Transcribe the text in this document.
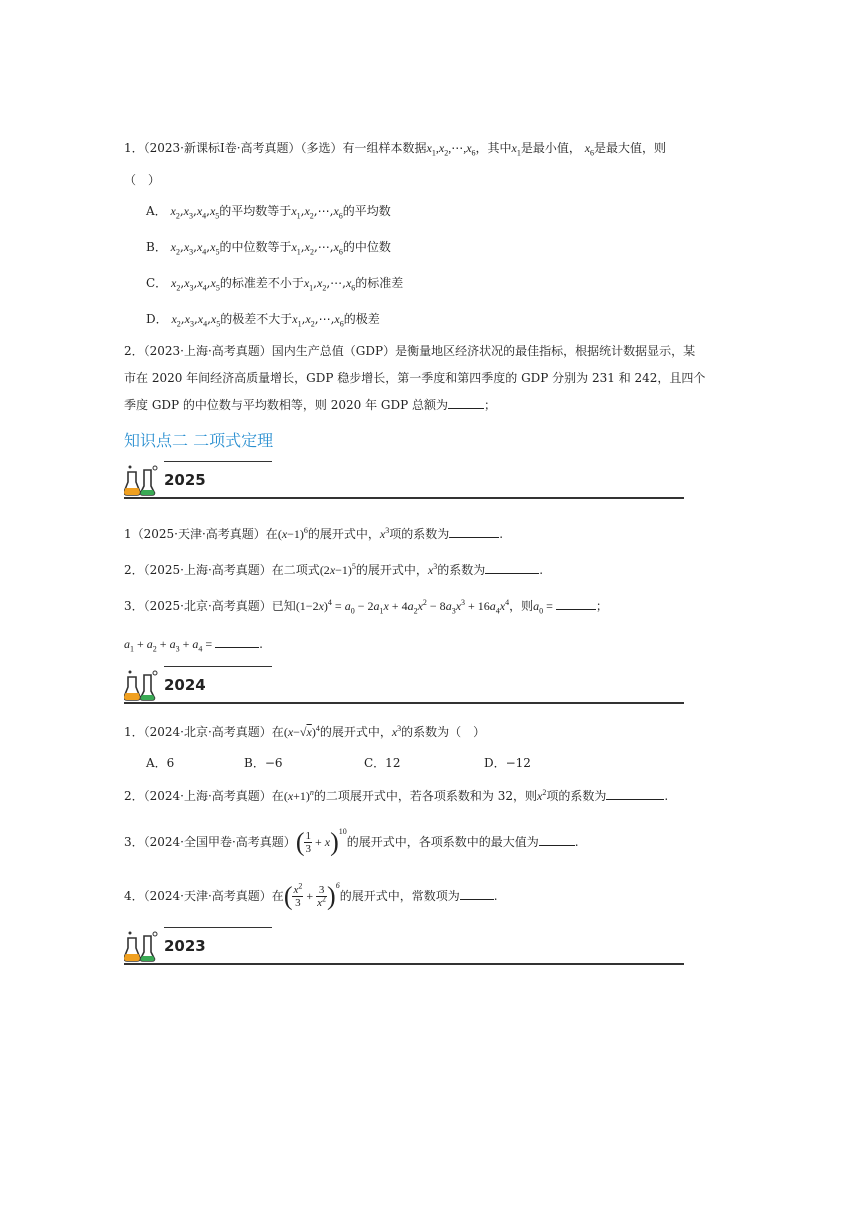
1．（2023·新课标Ⅰ卷·高考真题）（多选）有一组样本数据$x_1,x_2,\cdots,x_6$，其中$x_1$是最小值， $x_6$是最大值，则
（　）
A． $x_2,x_3,x_4,x_5$的平均数等于$x_1,x_2,\cdots,x_6$的平均数
B． $x_2,x_3,x_4,x_5$的中位数等于$x_1,x_2,\cdots,x_6$的中位数
C． $x_2,x_3,x_4,x_5$的标准差不小于$x_1,x_2,\cdots,x_6$的标准差
D． $x_2,x_3,x_4,x_5$的极差不大于$x_1,x_2,\cdots,x_6$的极差
2．（2023·上海·高考真题）国内生产总值（GDP）是衡量地区经济状况的最佳指标，根据统计数据显示，某
市在 2020 年间经济高质量增长，GDP 稳步增长，第一季度和第四季度的 GDP 分别为 231 和 242，且四个
季度 GDP 的中位数与平均数相等，则 2020 年 GDP 总额为	；
知识点二 二项式定理
2025
1（2025·天津·高考真题）在$(x-1)^6$的展开式中，$x^3$项的系数为	.
2．（2025·上海·高考真题）在二项式$(2x-1)^5$的展开式中，$x^3$的系数为	.
3．（2025·北京·高考真题）已知$(1-2x)^4 = a_0 - 2a_1x + 4a_2x^2 - 8a_3x^3 + 16a_4x^4$，则$a_0$ =	；
$a_1 + a_2 + a_3 + a_4$ =	.
2024
1．（2024·北京·高考真题）在$(x-√x)^4$的展开式中，$x^3$的系数为（　）
A．6	B．−6	C．12	D．−12
2．（2024·上海·高考真题）在$(x+1)^n$的二项展开式中，若各项系数和为 32，则$x^2$项的系数为	.
3．（2024·全国甲卷·高考真题）( $\frac{1}{3} + x)^{10}$的展开式中，各项系数中的最大值为	.
4．（2024·天津·高考真题）在( $\frac{x^2}{3} + \frac{3}{x^2} )^6$的展开式中，常数项为	.
2023
